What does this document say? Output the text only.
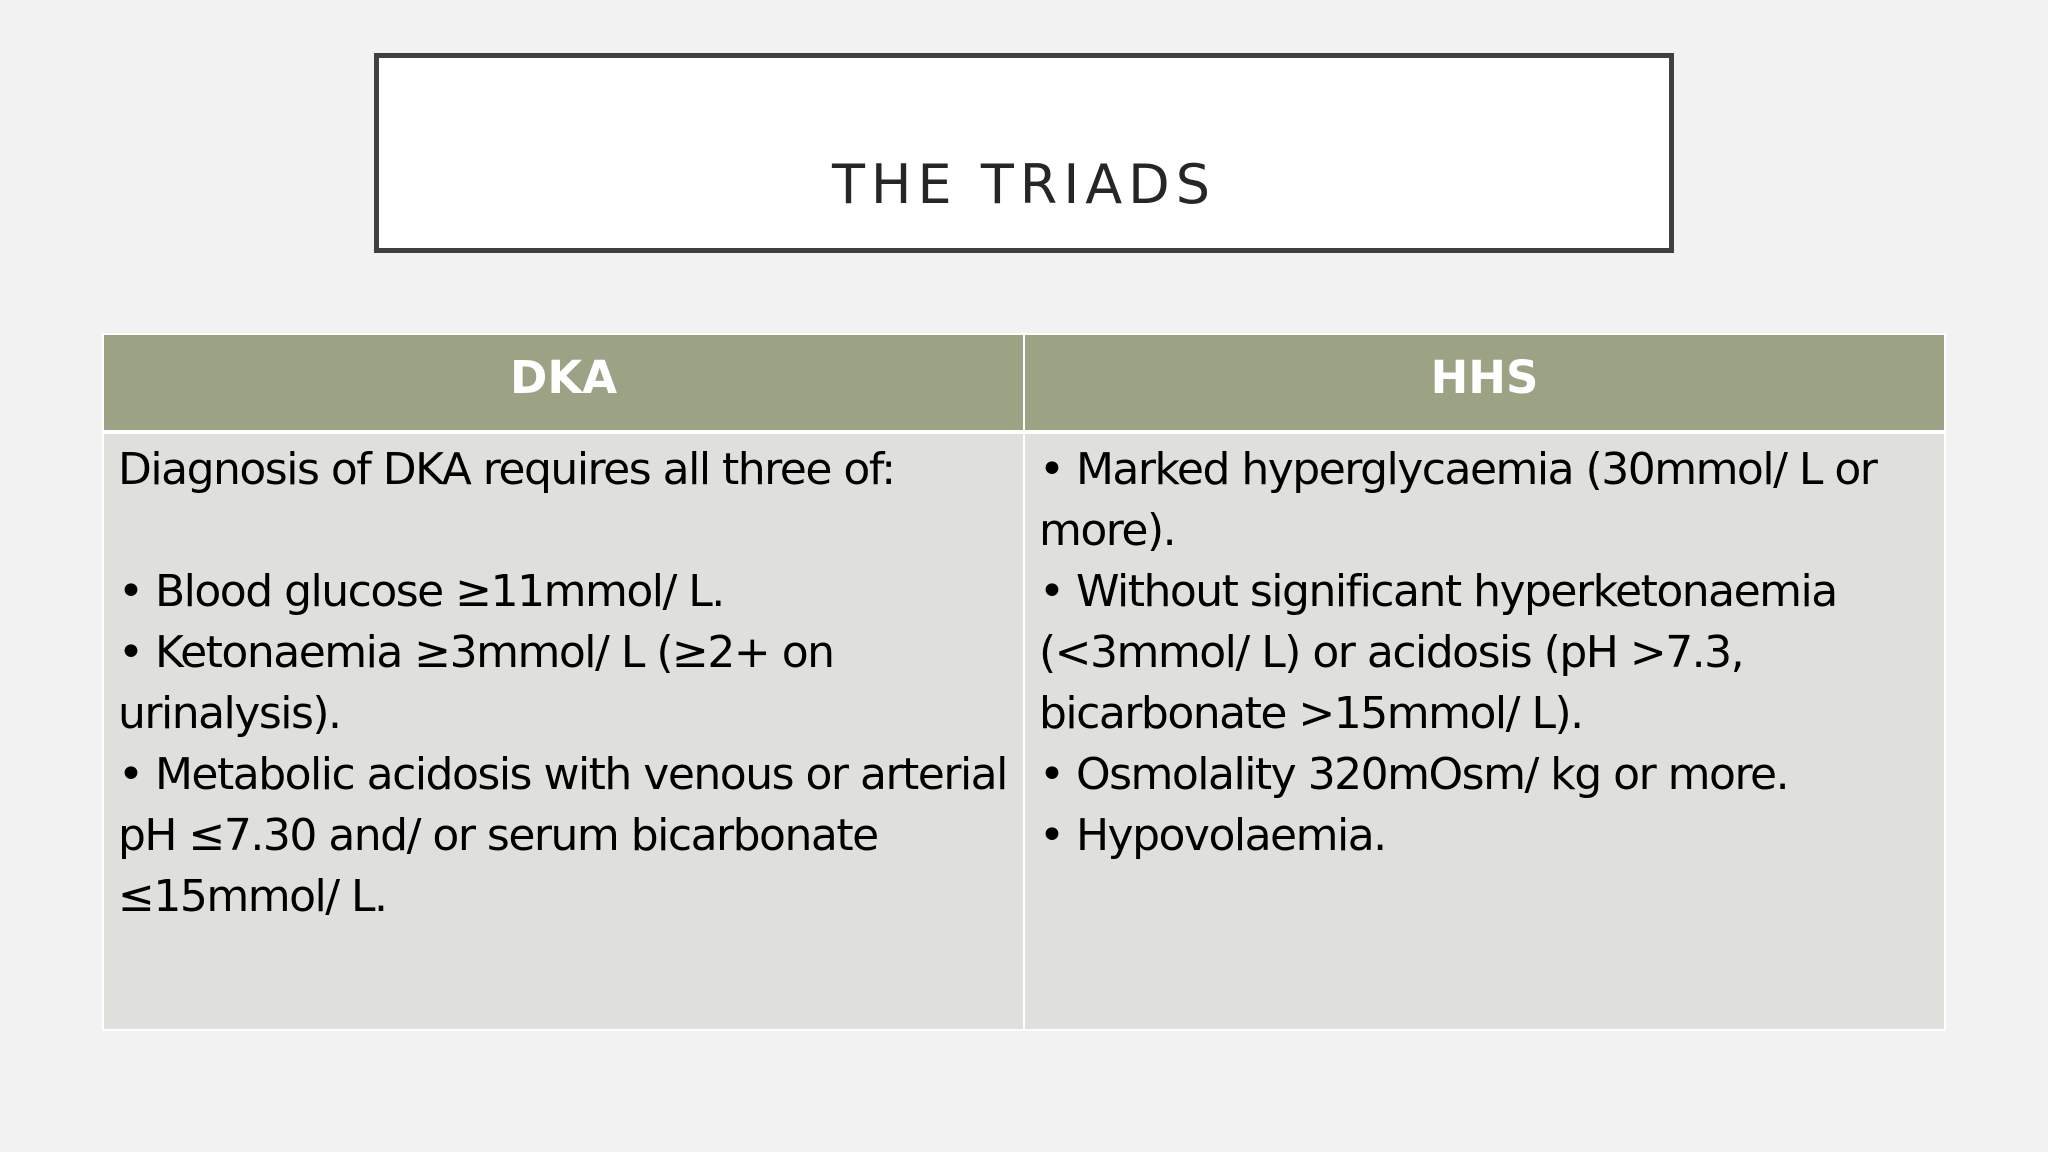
THE TRIADS
DKA
Diagnosis of DKA requires all three of:

• Blood glucose ≥11mmol/ L.
• Ketonaemia ≥3mmol/ L (≥2+ on urinalysis).
• Metabolic acidosis with venous or arterial pH ≤7.30 and/ or serum bicarbonate ≤15mmol/ L.
HHS
• Marked hyperglycaemia (30mmol/ L or more).
• Without significant hyperketonaemia (<3mmol/ L) or acidosis (pH >7.3, bicarbonate >15mmol/ L).
• Osmolality 320mOsm/ kg or more.
• Hypovolaemia.
